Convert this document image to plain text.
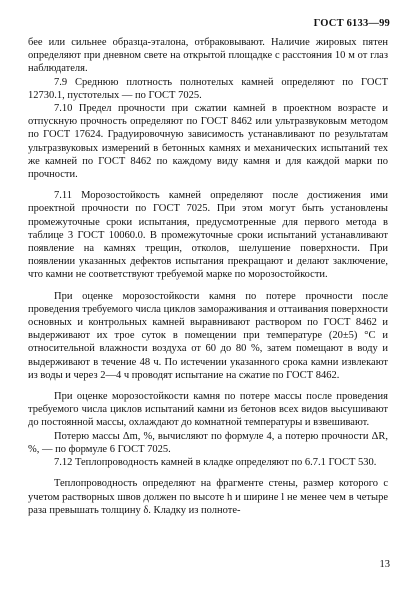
ГОСТ 6133—99

бее или сильнее образца-эталона, отбраковывают. Наличие жировых пятен определяют при дневном свете на открытой площадке с расстояния 10 м от глаз наблюдателя.

7.9 Среднюю плотность полнотелых камней определяют по ГОСТ 12730.1, пустотелых — по ГОСТ 7025.

7.10 Предел прочности при сжатии камней в проектном возрасте и отпускную прочность определяют по ГОСТ 8462 или ультразвуковым методом по ГОСТ 17624. Градуировочную зависимость устанавливают по результатам ультразвуковых измерений в бетонных камнях и механических испытаний тех же камней по ГОСТ 8462 по каждому виду камня и для каждой марки по прочности.

7.11 Морозостойкость камней определяют после достижения ими проектной прочности по ГОСТ 7025. При этом могут быть установлены промежуточные сроки испытания, предусмотренные для первого метода в таблице 3 ГОСТ 10060.0. В промежуточные сроки испытаний устанавливают появление на камнях трещин, отколов, шелушение поверхности. При появлении указанных дефектов испытания прекращают и делают заключение, что камни не соответствуют требуемой марке по морозостойкости.

При оценке морозостойкости камня по потере прочности после проведения требуемого числа циклов замораживания и оттаивания поверхности основных и контрольных камней выравнивают раствором по ГОСТ 8462 и выдерживают их трое суток в помещении при температуре (20±5) °С и относительной влажности воздуха от 60 до 80 %, затем помещают в воду и выдерживают в течение 48 ч. По истечении указанного срока камни извлекают из воды и через 2—4 ч проводят испытание на сжатие по ГОСТ 8462.

При оценке морозостойкости камня по потере массы после проведения требуемого числа циклов испытаний камни из бетонов всех видов высушивают до постоянной массы, охлаждают до комнатной температуры и взвешивают.

Потерю массы Δm, %, вычисляют по формуле 4, а потерю прочности ΔR, %, — по формуле 6 ГОСТ 7025.

7.12 Теплопроводность камней в кладке определяют по 6.7.1 ГОСТ 530.

Теплопроводность определяют на фрагменте стены, размер которого с учетом растворных швов должен по высоте h и ширине l не менее чем в четыре раза превышать толщину δ. Кладку из полноте-

13
